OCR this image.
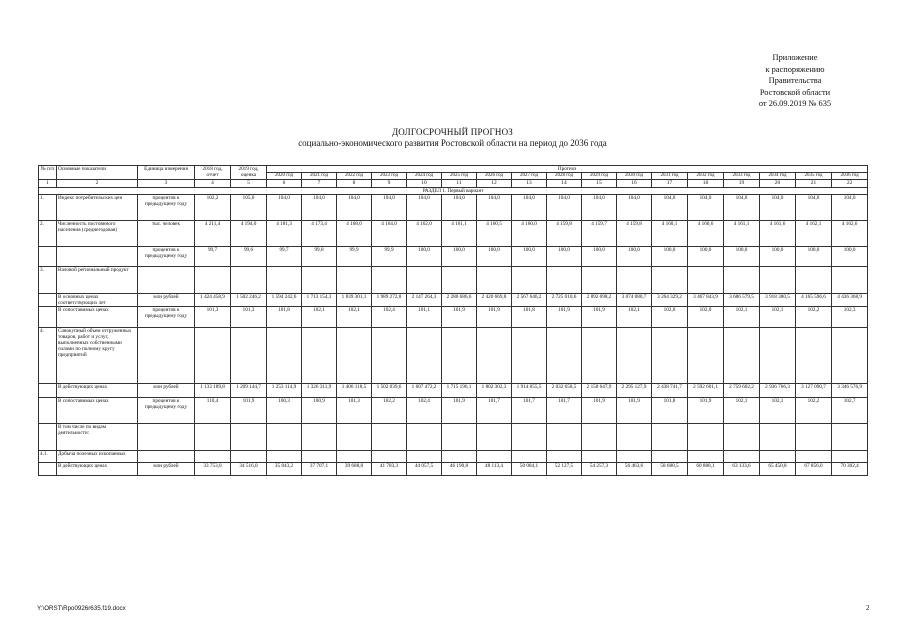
Приложение
к распоряжению
Правительства
Ростовской области
от 26.09.2019 № 635
ДОЛГОСРОЧНЫЙ ПРОГНОЗ
социально-экономического развития Ростовской области на период до 2036 года
№ п/п	Основные показатели	Единица измерения	2018 год, отчет	2019 год, оценка	Прогноз																
					2020 год	2021 год	2022 год	2023 год	2024 год	2025 год	2026 год	2027 год	2028 год	2029 год	2030 год	2031 год	2032 год	2033 год	2034 год	2035 год	2036 год
1	2	3	4	5	6	7	8	9	10	11	12	13	14	15	16	17	18	19	20	21	22
РАЗДЕЛ 1. Первый вариант																					
1.	Индекс потребительских цен	процентов к предыдущему году	102,2	105,0	104,0	104,0	104,0	104,0	104,0	104,0	104,0	104,0	104,0	104,0	104,0	104,0	104,0	104,0	104,0	104,0	104,0
2.	Численность постоянного населения (среднегодовая)	тыс. человек	4 211,4	4 194,0	4 181,3	4 173,4	4 168,0	4 164,0	4 162,0	4 161,1	4 160,5	4 160,0	4 159,8	4 159,7	4 159,8	4 160,1	4 160,6	4 161,1	4 161,6	4 162,1	4 162,6
		процентов к предыдущему году	99,7	99,6	99,7	99,8	99,9	99,9	100,0	100,0	100,0	100,0	100,0	100,0	100,0	100,0	100,0	100,0	100,0	100,0	100,0
3.	Валовой региональный продукт																				
	В основных ценах соответствующих лет	млн рублей	1 424 458,9	1 502 246,2	1 594 242,6	1 713 154,3	1 839 301,1	1 989 272,8	2 147 264,3	2 280 686,6	2 420 669,8	2 567 646,2	2 725 010,6	2 892 698,2	3 074 080,7	3 264 329,2	3 467 843,9	3 686 579,5	3 918 380,5	4 165 596,6	4 436 368,9
	В сопоставимых ценах	процентов к предыдущему году	101,3	101,3	101,8	102,1	102,1	102,4	101,1	101,9	101,9	101,8	101,9	101,9	102,1	102,0	102,0	102,1	102,1	102,2	102,3
4.	Совокупный объем отгруженных товаров, работ и услуг, выполненных собственными силами по полному кругу предприятий																				
	В действующих ценах	млн рублей	1 133 189,8	1 209 144,7	1 253 114,9	1 326 311,9	1 406 118,5	1 502 039,6	1 607 472,2	1 715 196,1	1 802 302,3	1 914 055,5	2 032 658,5	2 158 647,9	2 295 127,9	2 438 741,7	2 592 601,1	2 759 602,2	2 936 766,3	3 127 090,7	3 346 576,9
	В сопоставимых ценах	процентов к предыдущему году	110,4	101,9	100,3	100,9	101,3	102,2	102,4	101,9	101,7	101,7	101,7	101,9	101,9	101,8	101,9	102,1	102,1	102,2	102,7
	В том числе по видам деятельности:																				
4.1.	Добыча полезных ископаемых																				
	В действующих ценах	млн рублей	33 753,0	34 516,0	35 843,2	37 707,1	39 688,8	41 783,3	44 057,5	46 190,8	48 113,4	50 084,1	52 127,5	54 257,3	56 463,6	58 680,5	60 888,1	63 133,6	65 450,8	67 856,0	70 302,4
Y:\ORST\Rpo0926r635.f19.docx	2
